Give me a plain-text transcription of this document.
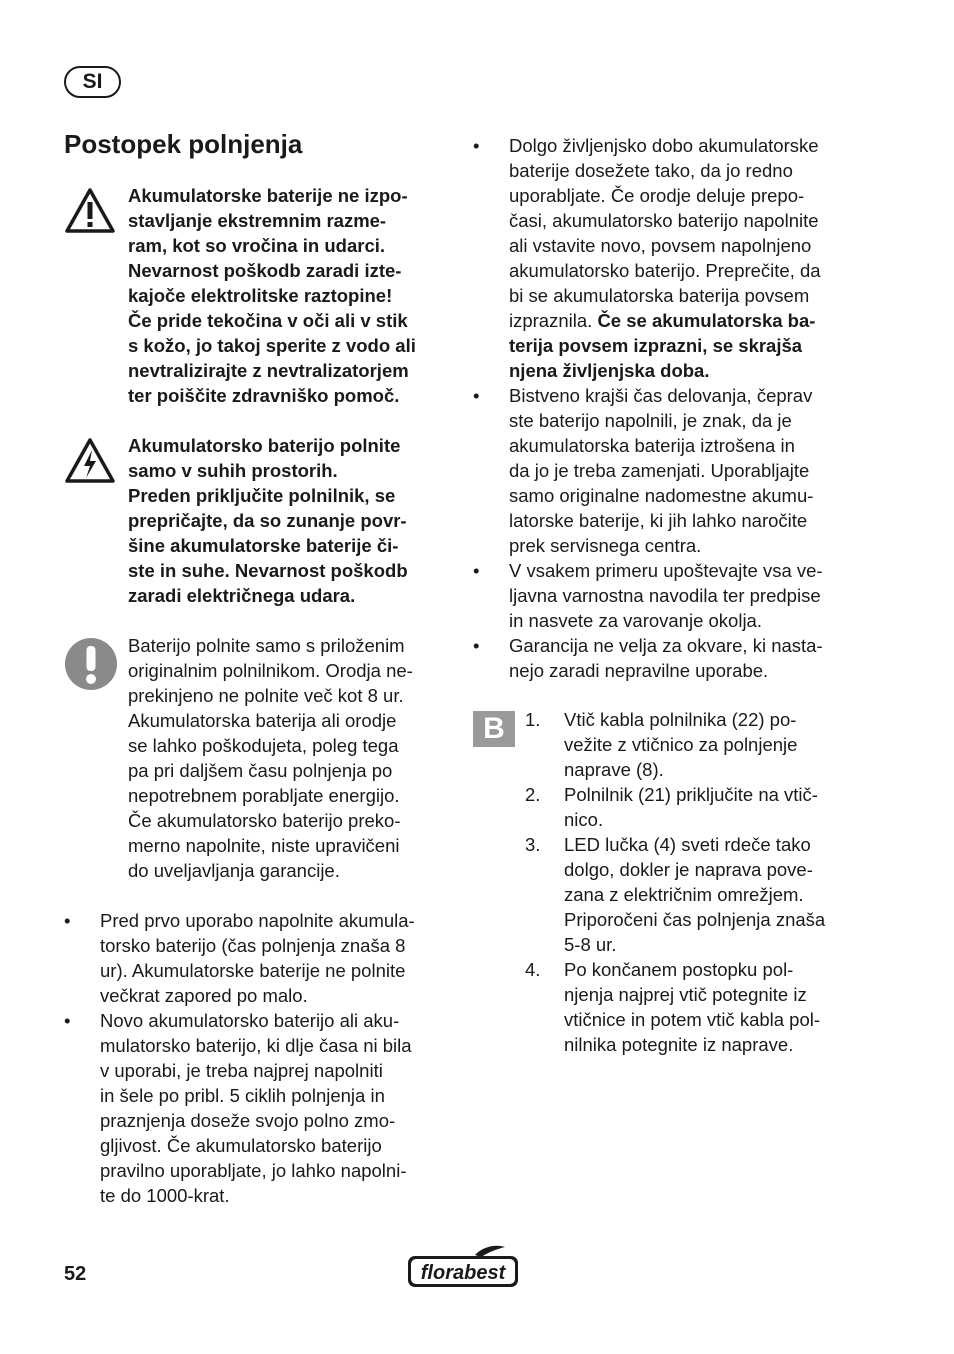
SI
Postopek polnjenja
Akumulatorske baterije ne izpo-
stavljanje ekstremnim razme-
ram, kot so vročina in udarci.
Nevarnost poškodb zaradi izte-
kajoče elektrolitske raztopine!
Če pride tekočina v oči ali v stik
s kožo, jo takoj sperite z vodo ali
nevtralizirajte z nevtralizatorjem
ter poiščite zdravniško pomoč.
Akumulatorsko baterijo polnite
samo v suhih prostorih.
Preden priključite polnilnik, se
prepričajte, da so zunanje povr-
šine akumulatorske baterije či-
ste in suhe. Nevarnost poškodb
zaradi električnega udara.
Baterijo polnite samo s priloženim
originalnim polnilnikom. Orodja ne-
prekinjeno ne polnite več kot 8 ur.
Akumulatorska baterija ali orodje
se lahko poškodujeta, poleg tega
pa pri daljšem času polnjenja po
nepotrebnem porabljate energijo.
Če akumulatorsko baterijo preko-
merno napolnite, niste upravičeni
do uveljavljanja garancije.
•	Pred prvo uporabo napolnite akumula-
torsko baterijo (čas polnjenja znaša 8
ur). Akumulatorske baterije ne polnite
večkrat zapored po malo.
•	Novo akumulatorsko baterijo ali aku-
mulatorsko baterijo, ki dlje časa ni bila
v uporabi, je treba najprej napolniti
in šele po pribl. 5 ciklih polnjenja in
praznjenja doseže svojo polno zmo-
gljivost. Če akumulatorsko baterijo
pravilno uporabljate, jo lahko napolni-
te do 1000-krat.
•	Dolgo življenjsko dobo akumulatorske
baterije dosežete tako, da jo redno
uporabljate. Če orodje deluje prepo-
časi, akumulatorsko baterijo napolnite
ali vstavite novo, povsem napolnjeno
akumulatorsko baterijo. Preprečite, da
bi se akumulatorska baterija povsem
izpraznila. Če se akumulatorska ba-
terija povsem izprazni, se skrajša
njena življenjska doba.
•	Bistveno krajši čas delovanja, čeprav
ste baterijo napolnili, je znak, da je
akumulatorska baterija iztrošena in
da jo je treba zamenjati. Uporabljajte
samo originalne nadomestne akumu-
latorske baterije, ki jih lahko naročite
prek servisnega centra.
•	V vsakem primeru upoštevajte vsa ve-
ljavna varnostna navodila ter predpise
in nasvete za varovanje okolja.
•	Garancija ne velja za okvare, ki nasta-
nejo zaradi nepravilne uporabe.
B	1.	Vtič kabla polnilnika (22) po-
vežite z vtičnico za polnjenje
naprave (8).
2.	Polnilnik (21) priključite na vtič-
nico.
3.	LED lučka (4) sveti rdeče tako
dolgo, dokler je naprava pove-
zana z električnim omrežjem.
Priporočeni čas polnjenja znaša
5-8 ur.
4.	Po končanem postopku pol-
njenja najprej vtič potegnite iz
vtičnice in potem vtič kabla pol-
nilnika potegnite iz naprave.
52	florabest
